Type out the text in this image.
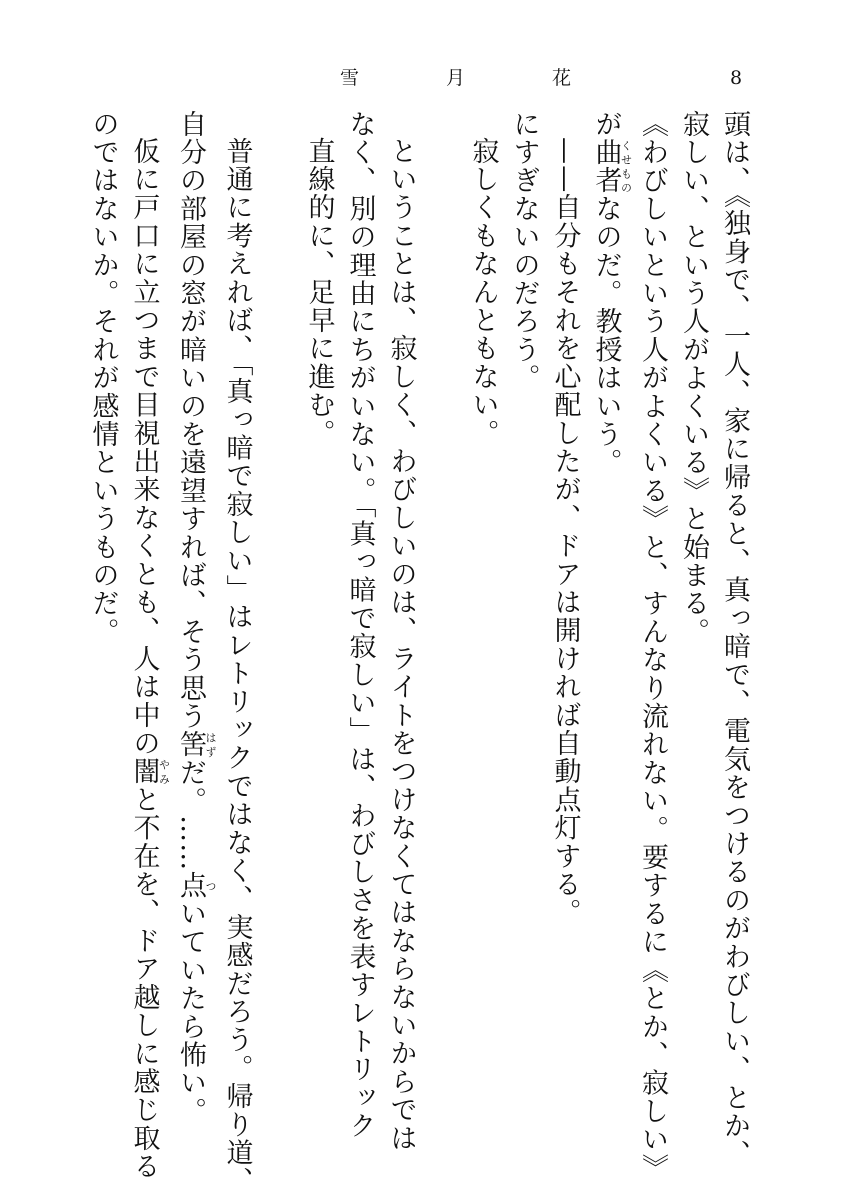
雪　月　花	8
頭は、《独身で、一人、家に帰ると、真っ暗で、電気をつけるのがわびしい、とか、
寂しい、という人がよくいる》と始まる。
《わびしいという人がよくいる》と、すんなり流れない。要するに《とか、寂しい》
が曲者くせものなのだ。教授はいう。
——自分もそれを心配したが、ドアは開ければ自動点灯する。
にすぎないのだろう。
寂しくもなんともない。
ということは、寂しく、わびしいのは、ライトをつけなくてはならないからでは
なく、別の理由にちがいない。「真っ暗で寂しい」は、わびしさを表すレトリック
直線的に、足早に進む。
普通に考えれば、「真っ暗で寂しい」はレトリックではなく、実感だろう。帰り道、
自分の部屋の窓が暗いのを遠望すれば、そう思う筈はずだ。……点ついていたら怖い。
仮に戸口に立つまで目視出来なくとも、人は中の闇やみと不在を、ドア越しに感じ取る
のではないか。それが感情というものだ。
